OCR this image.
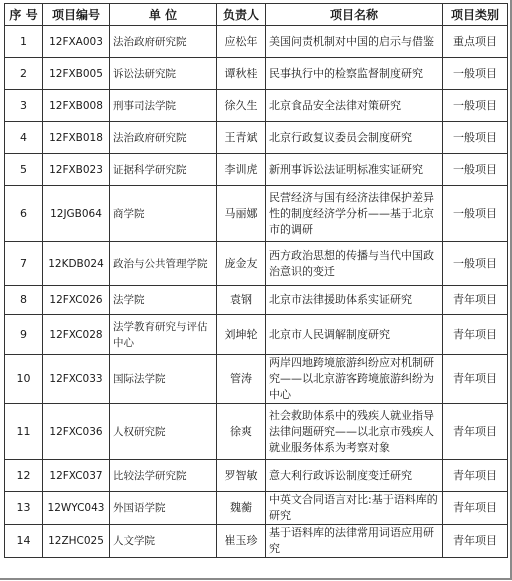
序 号	项目编号	单 位	负责人	项目名称	项目类别
1	12FXA003	法治政府研究院	应松年	美国问责机制对中国的启示与借鉴	重点项目
2	12FXB005	诉讼法研究院	谭秋桂	民事执行中的检察监督制度研究	一般项目
3	12FXB008	刑事司法学院	徐久生	北京食品安全法律对策研究	一般项目
4	12FXB018	法治政府研究院	王青斌	北京行政复议委员会制度研究	一般项目
5	12FXB023	证据科学研究院	李训虎	新刑事诉讼法证明标准实证研究	一般项目
6	12JGB064	商学院	马丽娜	民营经济与国有经济法律保护差异性的制度经济学分析——基于北京市的调研	一般项目
7	12KDB024	政治与公共管理学院	庞金友	西方政治思想的传播与当代中国政治意识的变迁	一般项目
8	12FXC026	法学院	袁钢	北京市法律援助体系实证研究	青年项目
9	12FXC028	法学教育研究与评估中心	刘坤轮	北京市人民调解制度研究	青年项目
10	12FXC033	国际法学院	管涛	两岸四地跨境旅游纠纷应对机制研究——以北京游客跨境旅游纠纷为中心	青年项目
11	12FXC036	人权研究院	徐爽	社会救助体系中的残疾人就业指导法律问题研究——以北京市残疾人就业服务体系为考察对象	青年项目
12	12FXC037	比较法学研究院	罗智敏	意大利行政诉讼制度变迁研究	青年项目
13	12WYC043	外国语学院	魏蘅	中英文合同语言对比:基于语料库的研究	青年项目
14	12ZHC025	人文学院	崔玉珍	基于语料库的法律常用词语应用研究	青年项目
